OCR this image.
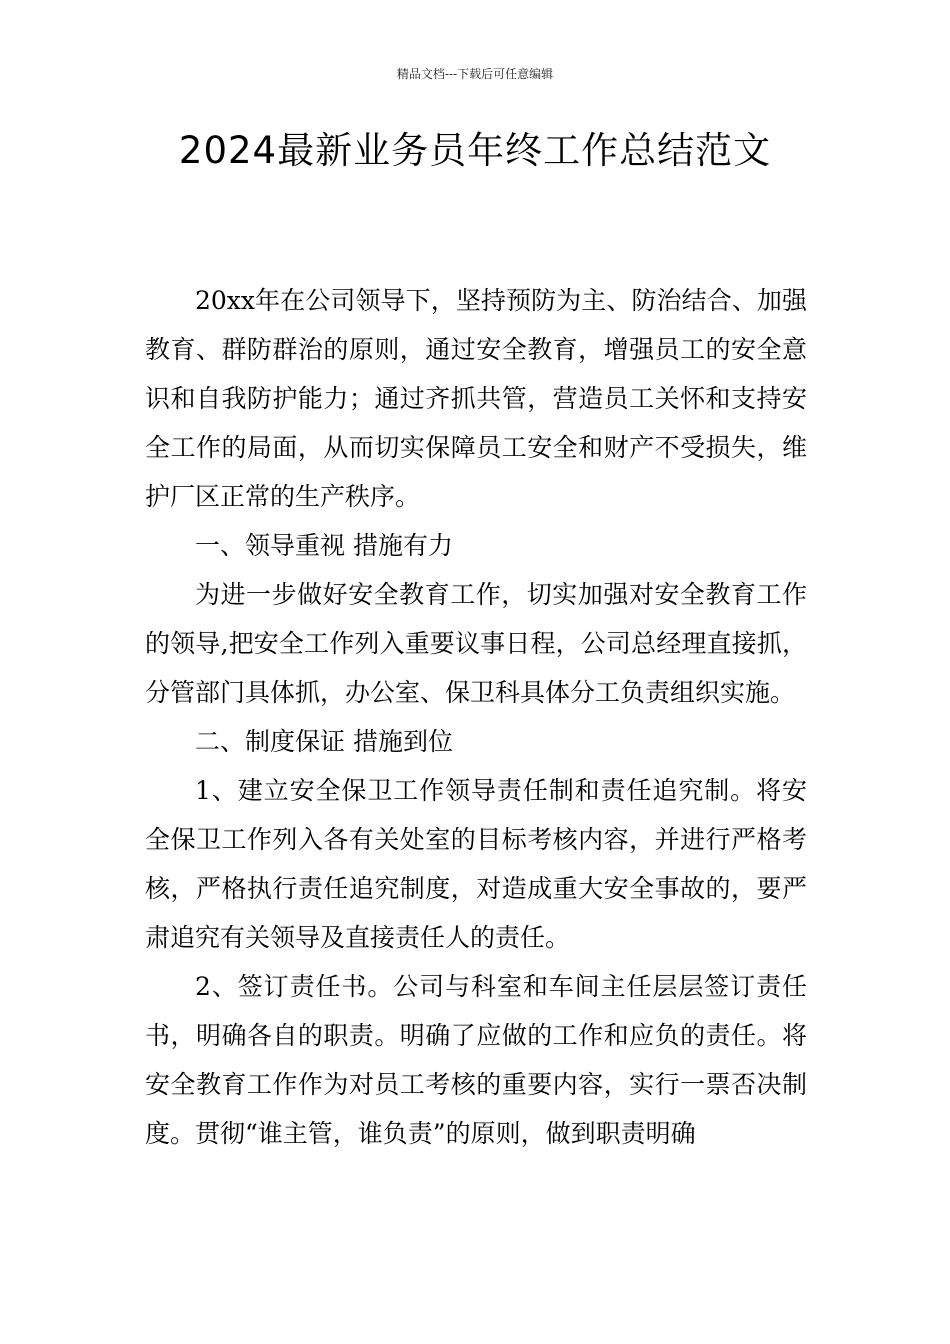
精品文档---下载后可任意编辑
2024最新业务员年终工作总结范文

20xx年在公司领导下，坚持预防为主、防治结合、加强教育、群防群治的原则，通过安全教育，增强员工的安全意识和自我防护能力；通过齐抓共管，营造员工关怀和支持安全工作的局面，从而切实保障员工安全和财产不受损失，维护厂区正常的生产秩序。

一、领导重视 措施有力

为进一步做好安全教育工作，切实加强对安全教育工作的领导,把安全工作列入重要议事日程，公司总经理直接抓，分管部门具体抓，办公室、保卫科具体分工负责组织实施。

二、制度保证 措施到位

1、建立安全保卫工作领导责任制和责任追究制。将安全保卫工作列入各有关处室的目标考核内容，并进行严格考核，严格执行责任追究制度，对造成重大安全事故的，要严肃追究有关领导及直接责任人的责任。

2、签订责任书。公司与科室和车间主任层层签订责任书，明确各自的职责。明确了应做的工作和应负的责任。将安全教育工作作为对员工考核的重要内容，实行一票否决制度。贯彻“谁主管，谁负责”的原则，做到职责明确
